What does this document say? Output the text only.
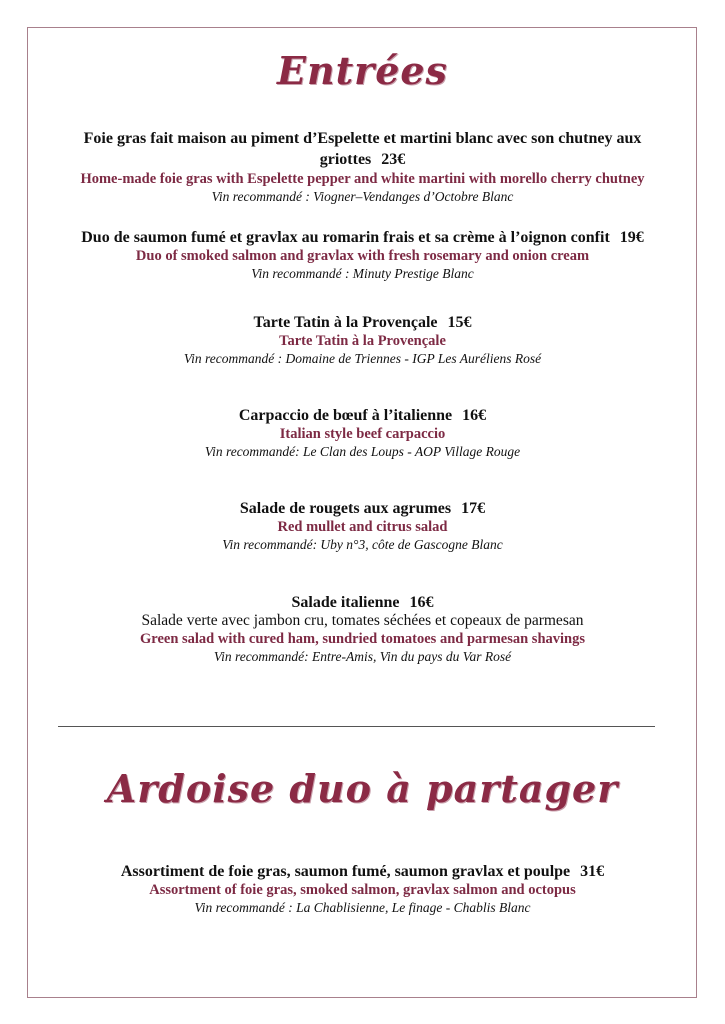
Entrées
Foie gras fait maison au piment d’Espelette et martini blanc avec son chutney aux
griottes 23€
Home-made foie gras with Espelette pepper and white martini with morello cherry chutney
Vin recommandé : Viogner–Vendanges d’Octobre Blanc
Duo de saumon fumé et gravlax au romarin frais et sa crème à l’oignon confit 19€
Duo of smoked salmon and gravlax with fresh rosemary and onion cream
Vin recommandé : Minuty Prestige Blanc
Tarte Tatin à la Provençale 15€
Tarte Tatin à la Provençale
Vin recommandé : Domaine de Triennes - IGP Les Auréliens Rosé
Carpaccio de bœuf à l’italienne 16€
Italian style beef carpaccio
Vin recommandé: Le Clan des Loups - AOP Village Rouge
Salade de rougets aux agrumes 17€
Red mullet and citrus salad
Vin recommandé: Uby n°3, côte de Gascogne Blanc
Salade italienne 16€
Salade verte avec jambon cru, tomates séchées et copeaux de parmesan
Green salad with cured ham, sundried tomatoes and parmesan shavings
Vin recommandé: Entre-Amis, Vin du pays du Var Rosé
Ardoise duo à partager
Assortiment de foie gras, saumon fumé, saumon gravlax et poulpe 31€
Assortment of foie gras, smoked salmon, gravlax salmon and octopus
Vin recommandé : La Chablisienne, Le finage - Chablis Blanc
